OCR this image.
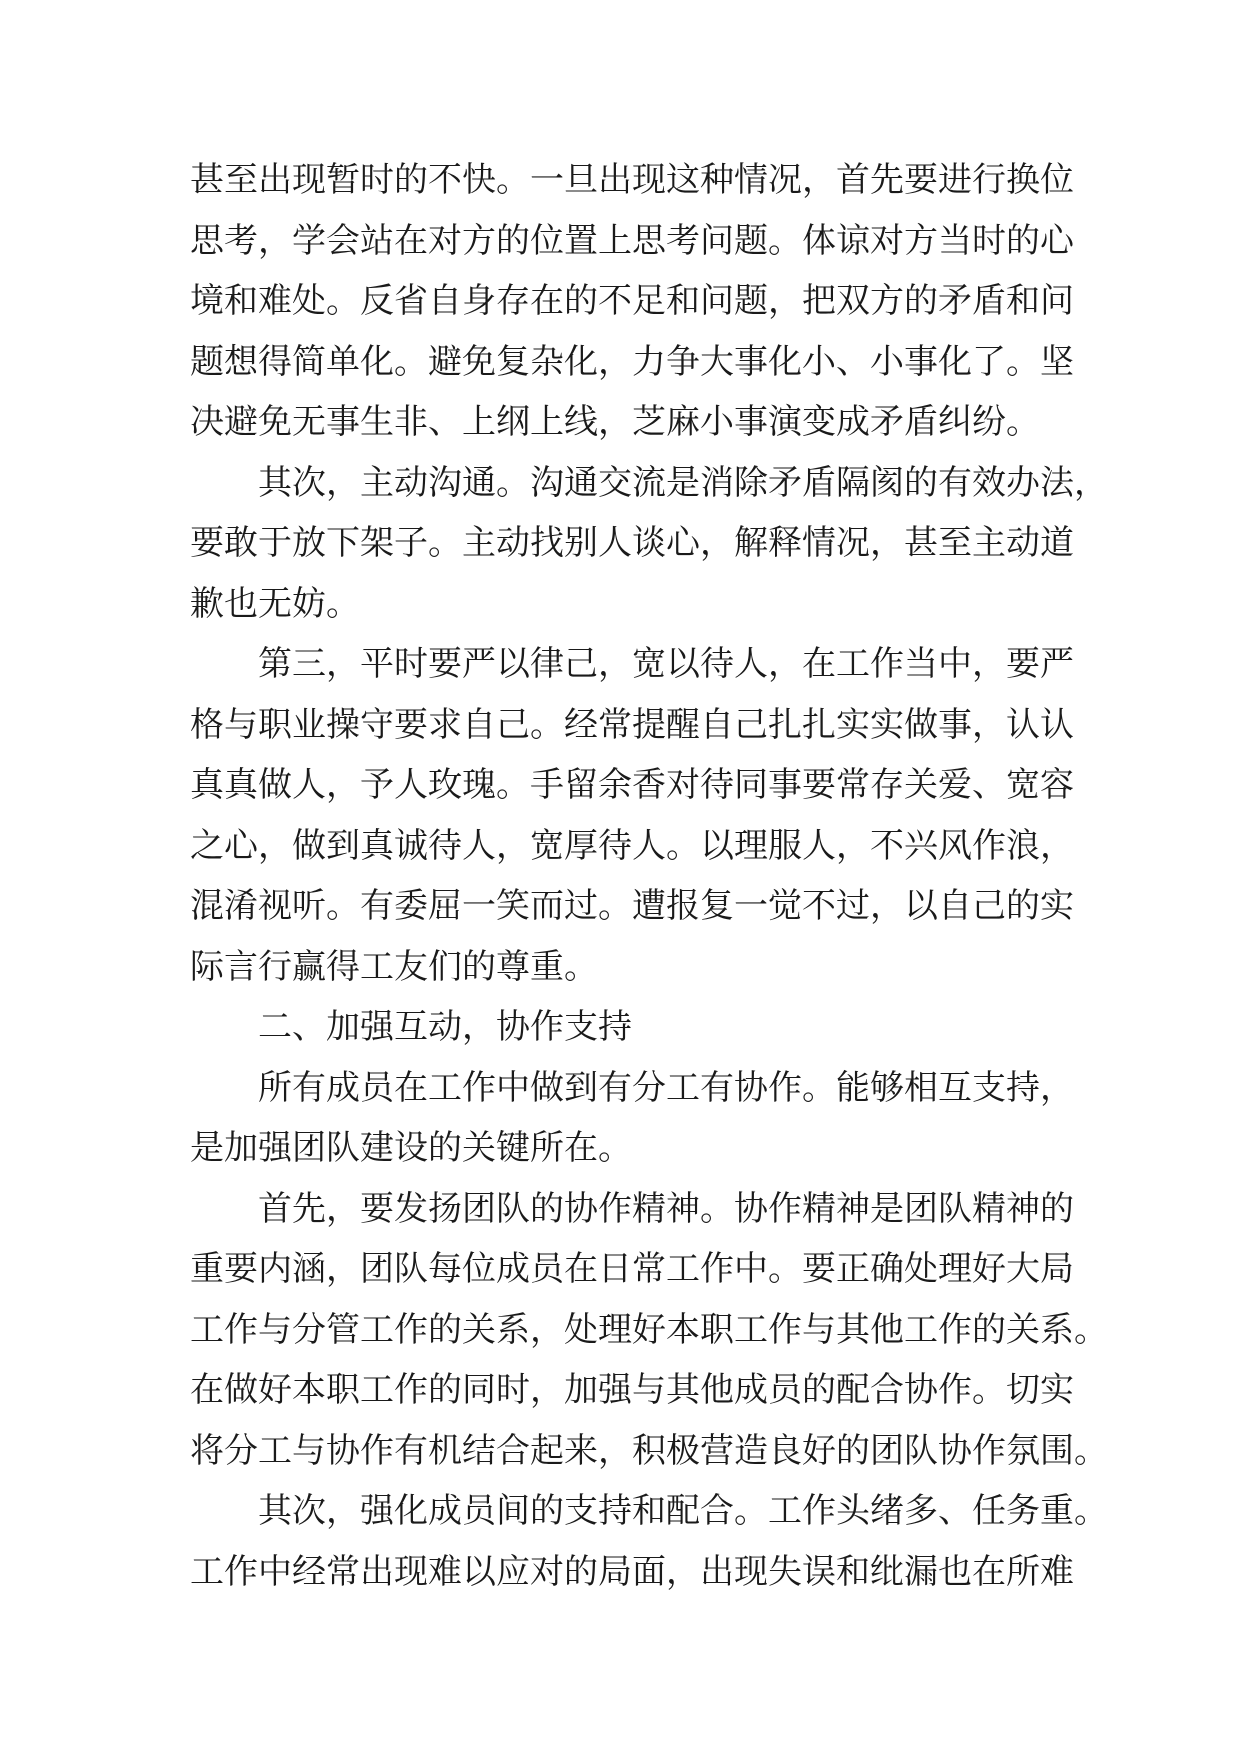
甚至出现暂时的不快。一旦出现这种情况，首先要进行换位
思考，学会站在对方的位置上思考问题。体谅对方当时的心
境和难处。反省自身存在的不足和问题，把双方的矛盾和问
题想得简单化。避免复杂化，力争大事化小、小事化了。坚
决避免无事生非、上纲上线，芝麻小事演变成矛盾纠纷。
其次，主动沟通。沟通交流是消除矛盾隔阂的有效办法，
要敢于放下架子。主动找别人谈心，解释情况，甚至主动道
歉也无妨。
第三，平时要严以律己，宽以待人，在工作当中，要严
格与职业操守要求自己。经常提醒自己扎扎实实做事，认认
真真做人，予人玫瑰。手留余香对待同事要常存关爱、宽容
之心，做到真诚待人，宽厚待人。以理服人，不兴风作浪，
混淆视听。有委屈一笑而过。遭报复一觉不过，以自己的实
际言行赢得工友们的尊重。
二、加强互动，协作支持
所有成员在工作中做到有分工有协作。能够相互支持，
是加强团队建设的关键所在。
首先，要发扬团队的协作精神。协作精神是团队精神的
重要内涵，团队每位成员在日常工作中。要正确处理好大局
工作与分管工作的关系，处理好本职工作与其他工作的关系。
在做好本职工作的同时，加强与其他成员的配合协作。切实
将分工与协作有机结合起来，积极营造良好的团队协作氛围。
其次，强化成员间的支持和配合。工作头绪多、任务重。
工作中经常出现难以应对的局面，出现失误和纰漏也在所难
